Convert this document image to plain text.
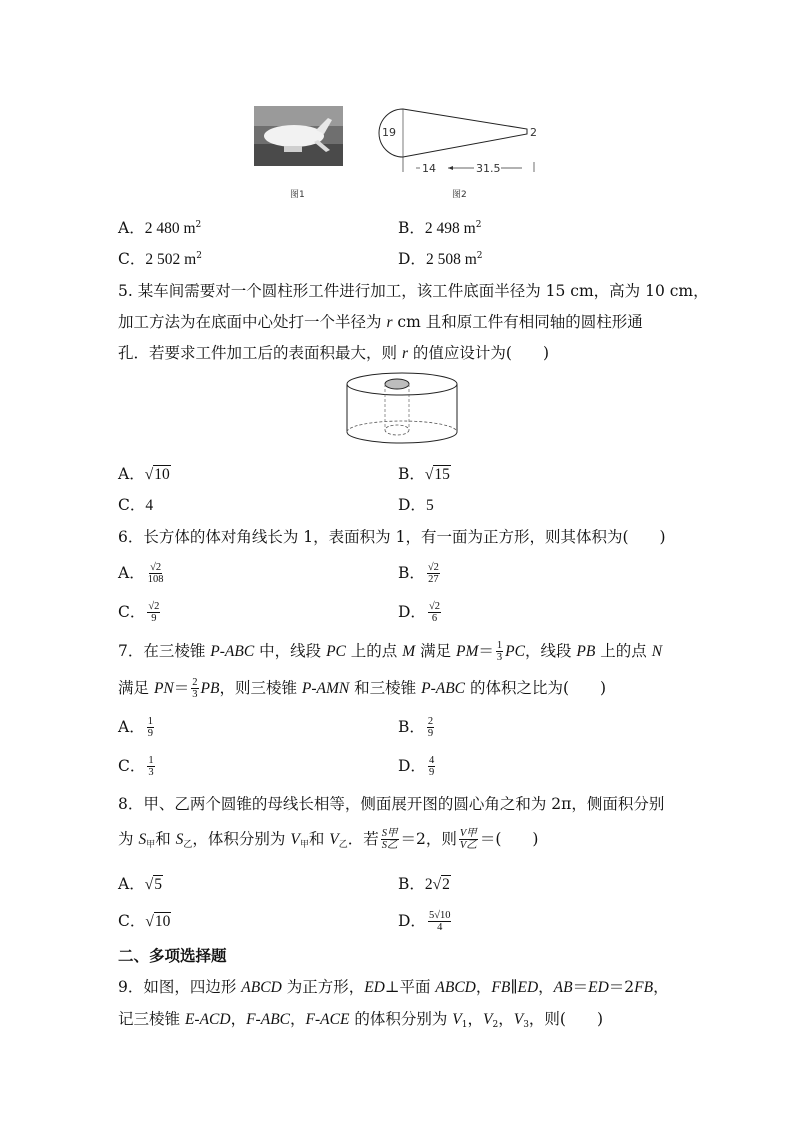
图1
19	2
14	31.5
图2
A．2 480 $m^2$	B．2 498 $m^2$
C．2 502 $m^2$	D．2 508 $m^2$
5. 某车间需要对一个圆柱形工件进行加工，该工件底面半径为 15 cm，高为 10 cm，
加工方法为在底面中心处打一个半径为 r cm 且和原工件有相同轴的圆柱形通
孔．若要求工件加工后的表面积最大，则 r 的值应设计为(　　)
A．√10	B．√15
C．4	D．5
6．长方体的体对角线长为 1，表面积为 1，有一面为正方形，则其体积为(　　)
A． $\frac{√2}{108}$	B． $\frac{√2}{27}$
C． $\frac{√2}{9}$	D． $\frac{√2}{6}$
7．在三棱锥 P-ABC 中，线段 PC 上的点 M 满足 $PM= \frac{1}{3}$ PC，线段 PB 上的点 N
满足 $PN= \frac{2}{3}$ PB，则三棱锥 P-AMN 和三棱锥 P-ABC 的体积之比为(　　)
A． $\frac{1}{9}$	B． $\frac{2}{9}$
C． $\frac{1}{3}$	D． $\frac{4}{9}$
8．甲、乙两个圆锥的母线长相等，侧面展开图的圆心角之和为 2π，侧面积分别
为 S甲和 S乙，体积分别为 V甲和 V乙．若 $\frac{\text{S甲}}{\text{S乙}} =2$，则 $\frac{\text{V甲}}{\text{V乙}}$ ＝(　　)
A．√5	B．2√2
C．√10	D． $\frac{5√10}{4}$
二、多项选择题
9．如图，四边形 ABCD 为正方形，ED⊥平面 ABCD，FB∥ED，AB＝ED＝2FB，
记三棱锥 E-ACD，F-ABC，F-ACE 的体积分别为 V1，V2，V3，则(　　)
